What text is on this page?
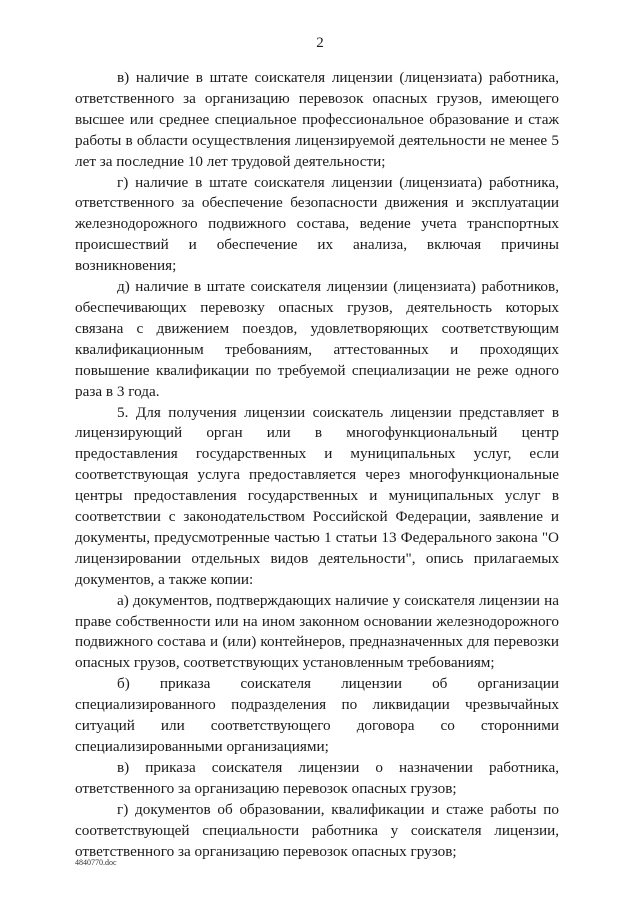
2

в) наличие в штате соискателя лицензии (лицензиата) работника, ответственного за организацию перевозок опасных грузов, имеющего высшее или среднее специальное профессиональное образование и стаж работы в области осуществления лицензируемой деятельности не менее 5 лет за последние 10 лет трудовой деятельности;

г) наличие в штате соискателя лицензии (лицензиата) работника, ответственного за обеспечение безопасности движения и эксплуатации железнодорожного подвижного состава, ведение учета транспортных происшествий и обеспечение их анализа, включая причины возникновения;

д) наличие в штате соискателя лицензии (лицензиата) работников, обеспечивающих перевозку опасных грузов, деятельность которых связана с движением поездов, удовлетворяющих соответствующим квалификационным требованиям, аттестованных и проходящих повышение квалификации по требуемой специализации не реже одного раза в 3 года.

5. Для получения лицензии соискатель лицензии представляет в лицензирующий орган или в многофункциональный центр предоставления государственных и муниципальных услуг, если соответствующая услуга предоставляется через многофункциональные центры предоставления государственных и муниципальных услуг в соответствии с законодательством Российской Федерации, заявление и документы, предусмотренные частью 1 статьи 13 Федерального закона "О лицензировании отдельных видов деятельности", опись прилагаемых документов, а также копии:

а) документов, подтверждающих наличие у соискателя лицензии на праве собственности или на ином законном основании железнодорожного подвижного состава и (или) контейнеров, предназначенных для перевозки опасных грузов, соответствующих установленным требованиям;

б) приказа соискателя лицензии об организации специализированного подразделения по ликвидации чрезвычайных ситуаций или соответствующего договора со сторонними специализированными организациями;

в) приказа соискателя лицензии о назначении работника, ответственного за организацию перевозок опасных грузов;

г) документов об образовании, квалификации и стаже работы по соответствующей специальности работника у соискателя лицензии, ответственного за организацию перевозок опасных грузов;

4840770.doc
